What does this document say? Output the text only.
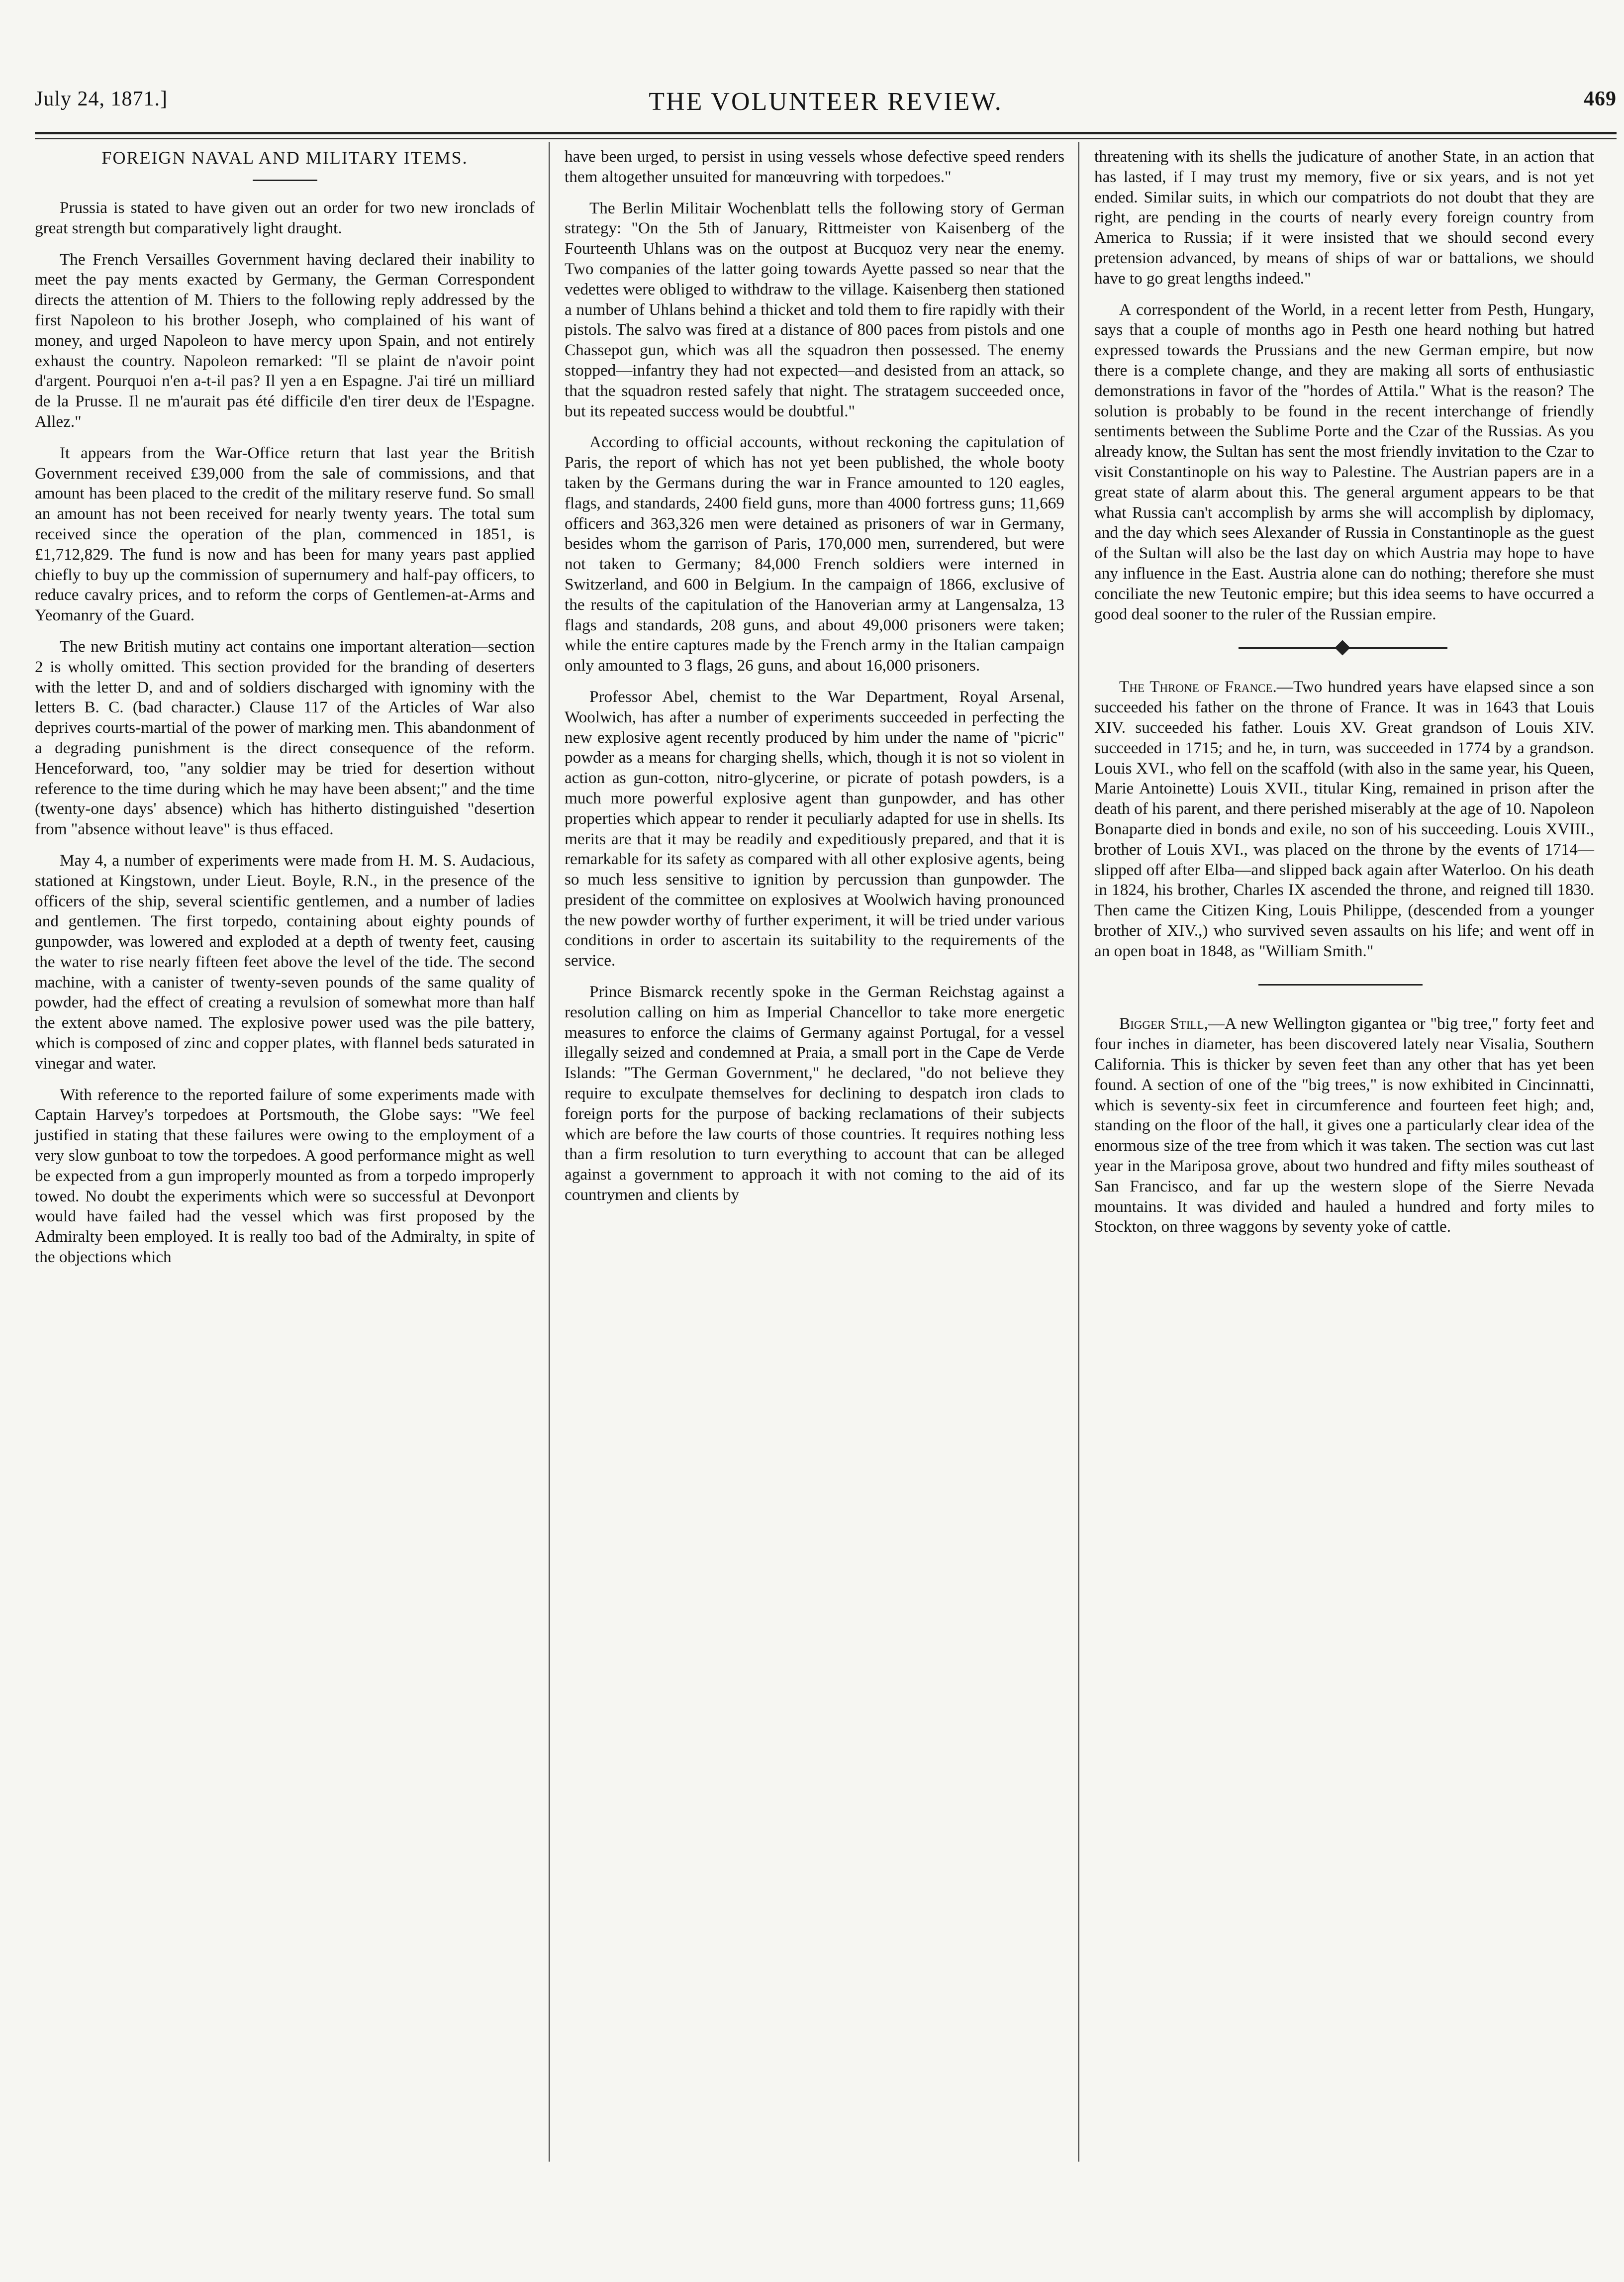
July 24, 1871.]	THE VOLUNTEER REVIEW.	469

FOREIGN NAVAL AND MILITARY ITEMS.

Prussia is stated to have given out an order for two new ironclads of great strength but comparatively light draught.

The French Versailles Government having declared their inability to meet the pay ments exacted by Germany, the German Correspondent directs the attention of M. Thiers to the following reply addressed by the first Napoleon to his brother Joseph, who complained of his want of money, and urged Napoleon to have mercy upon Spain, and not entirely exhaust the country. Napoleon remarked: "Il se plaint de n'avoir point d'argent. Pourquoi n'en a-t-il pas? Il yen a en Espagne. J'ai tiré un milliard de la Prusse. Il ne m'aurait pas été difficile d'en tirer deux de l'Espagne. Allez."

It appears from the War-Office return that last year the British Government received £39,000 from the sale of commissions, and that amount has been placed to the credit of the military reserve fund. So small an amount has not been received for nearly twenty years. The total sum received since the operation of the plan, commenced in 1851, is £1,712,829. The fund is now and has been for many years past applied chiefly to buy up the commission of supernumery and half-pay officers, to reduce cavalry prices, and to reform the corps of Gentlemen-at-Arms and Yeomanry of the Guard.

The new British mutiny act contains one important alteration—section 2 is wholly omitted. This section provided for the branding of deserters with the letter D, and and of soldiers discharged with ignominy with the letters B. C. (bad character.) Clause 117 of the Articles of War also deprives courts-martial of the power of marking men. This abandonment of a degrading punishment is the direct consequence of the reform. Henceforward, too, "any soldier may be tried for desertion without reference to the time during which he may have been absent;" and the time (twenty-one days' absence) which has hitherto distinguished "desertion from "absence without leave" is thus effaced.

May 4, a number of experiments were made from H. M. S. Audacious, stationed at Kingstown, under Lieut. Boyle, R.N., in the presence of the officers of the ship, several scientific gentlemen, and a number of ladies and gentlemen. The first torpedo, containing about eighty pounds of gunpowder, was lowered and exploded at a depth of twenty feet, causing the water to rise nearly fifteen feet above the level of the tide. The second machine, with a canister of twenty-seven pounds of the same quality of powder, had the effect of creating a revulsion of somewhat more than half the extent above named. The explosive power used was the pile battery, which is composed of zinc and copper plates, with flannel beds saturated in vinegar and water.

With reference to the reported failure of some experiments made with Captain Harvey's torpedoes at Portsmouth, the Globe says: "We feel justified in stating that these failures were owing to the employment of a very slow gunboat to tow the torpedoes. A good performance might as well be expected from a gun improperly mounted as from a torpedo improperly towed. No doubt the experiments which were so successful at Devonport would have failed had the vessel which was first proposed by the Admiralty been employed. It is really too bad of the Admiralty, in spite of the objections which

have been urged, to persist in using vessels whose defective speed renders them altogether unsuited for manœuvring with torpedoes."

The Berlin Militair Wochenblatt tells the following story of German strategy: "On the 5th of January, Rittmeister von Kaisenberg of the Fourteenth Uhlans was on the outpost at Bucquoz very near the enemy. Two companies of the latter going towards Ayette passed so near that the vedettes were obliged to withdraw to the village. Kaisenberg then stationed a number of Uhlans behind a thicket and told them to fire rapidly with their pistols. The salvo was fired at a distance of 800 paces from pistols and one Chassepot gun, which was all the squadron then possessed. The enemy stopped—infantry they had not expected—and desisted from an attack, so that the squadron rested safely that night. The stratagem succeeded once, but its repeated success would be doubtful."

According to official accounts, without reckoning the capitulation of Paris, the report of which has not yet been published, the whole booty taken by the Germans during the war in France amounted to 120 eagles, flags, and standards, 2400 field guns, more than 4000 fortress guns; 11,669 officers and 363,326 men were detained as prisoners of war in Germany, besides whom the garrison of Paris, 170,000 men, surrendered, but were not taken to Germany; 84,000 French soldiers were interned in Switzerland, and 600 in Belgium. In the campaign of 1866, exclusive of the results of the capitulation of the Hanoverian army at Langensalza, 13 flags and standards, 208 guns, and about 49,000 prisoners were taken; while the entire captures made by the French army in the Italian campaign only amounted to 3 flags, 26 guns, and about 16,000 prisoners.

Professor Abel, chemist to the War Department, Royal Arsenal, Woolwich, has after a number of experiments succeeded in perfecting the new explosive agent recently produced by him under the name of "picric" powder as a means for charging shells, which, though it is not so violent in action as gun-cotton, nitro-glycerine, or picrate of potash powders, is a much more powerful explosive agent than gunpowder, and has other properties which appear to render it peculiarly adapted for use in shells. Its merits are that it may be readily and expeditiously prepared, and that it is remarkable for its safety as compared with all other explosive agents, being so much less sensitive to ignition by percussion than gunpowder. The president of the committee on explosives at Woolwich having pronounced the new powder worthy of further experiment, it will be tried under various conditions in order to ascertain its suitability to the requirements of the service.

Prince Bismarck recently spoke in the German Reichstag against a resolution calling on him as Imperial Chancellor to take more energetic measures to enforce the claims of Germany against Portugal, for a vessel illegally seized and condemned at Praia, a small port in the Cape de Verde Islands: "The German Government," he declared, "do not believe they require to exculpate themselves for declining to despatch iron clads to foreign ports for the purpose of backing reclamations of their subjects which are before the law courts of those countries. It requires nothing less than a firm resolution to turn everything to account that can be alleged against a government to approach it with not coming to the aid of its countrymen and clients by

threatening with its shells the judicature of another State, in an action that has lasted, if I may trust my memory, five or six years, and is not yet ended. Similar suits, in which our compatriots do not doubt that they are right, are pending in the courts of nearly every foreign country from America to Russia; if it were insisted that we should second every pretension advanced, by means of ships of war or battalions, we should have to go great lengths indeed."

A correspondent of the World, in a recent letter from Pesth, Hungary, says that a couple of months ago in Pesth one heard nothing but hatred expressed towards the Prussians and the new German empire, but now there is a complete change, and they are making all sorts of enthusiastic demonstrations in favor of the "hordes of Attila." What is the reason? The solution is probably to be found in the recent interchange of friendly sentiments between the Sublime Porte and the Czar of the Russias. As you already know, the Sultan has sent the most friendly invitation to the Czar to visit Constantinople on his way to Palestine. The Austrian papers are in a great state of alarm about this. The general argument appears to be that what Russia can't accomplish by arms she will accomplish by diplomacy, and the day which sees Alexander of Russia in Constantinople as the guest of the Sultan will also be the last day on which Austria may hope to have any influence in the East. Austria alone can do nothing; therefore she must conciliate the new Teutonic empire; but this idea seems to have occurred a good deal sooner to the ruler of the Russian empire.

The Throne of France.—Two hundred years have elapsed since a son succeeded his father on the throne of France. It was in 1643 that Louis XIV. succeeded his father. Louis XV. Great grandson of Louis XIV. succeeded in 1715; and he, in turn, was succeeded in 1774 by a grandson. Louis XVI., who fell on the scaffold (with also in the same year, his Queen, Marie Antoinette) Louis XVII., titular King, remained in prison after the death of his parent, and there perished miserably at the age of 10. Napoleon Bonaparte died in bonds and exile, no son of his succeeding. Louis XVIII., brother of Louis XVI., was placed on the throne by the events of 1714—slipped off after Elba—and slipped back again after Waterloo. On his death in 1824, his brother, Charles IX ascended the throne, and reigned till 1830. Then came the Citizen King, Louis Philippe, (descended from a younger brother of XIV.,) who survived seven assaults on his life; and went off in an open boat in 1848, as "William Smith."

Bigger Still,—A new Wellington gigantea or "big tree," forty feet and four inches in diameter, has been discovered lately near Visalia, Southern California. This is thicker by seven feet than any other that has yet been found. A section of one of the "big trees," is now exhibited in Cincinnatti, which is seventy-six feet in circumference and fourteen feet high; and, standing on the floor of the hall, it gives one a particularly clear idea of the enormous size of the tree from which it was taken. The section was cut last year in the Mariposa grove, about two hundred and fifty miles southeast of San Francisco, and far up the western slope of the Sierre Nevada mountains. It was divided and hauled a hundred and forty miles to Stockton, on three waggons by seventy yoke of cattle.
